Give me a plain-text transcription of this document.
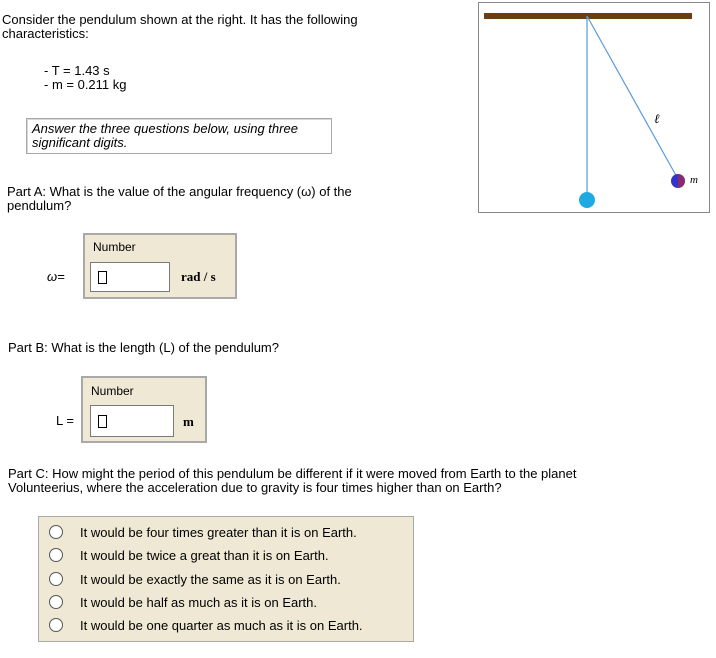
Consider the pendulum shown at the right. It has the following
characteristics:
- T = 1.43 s
- m = 0.211 kg
Answer the three questions below, using three
significant digits.
Part A: What is the value of the angular frequency (ω) of the
pendulum?
ω=
Number
rad / s
Part B: What is the length (L) of the pendulum?
L =
Number
m
Part C: How might the period of this pendulum be different if it were moved from Earth to the planet
Volunteerius, where the acceleration due to gravity is four times higher than on Earth?
It would be four times greater than it is on Earth.
It would be twice a great than it is on Earth.
It would be exactly the same as it is on Earth.
It would be half as much as it is on Earth.
It would be one quarter as much as it is on Earth.
ℓ
m
